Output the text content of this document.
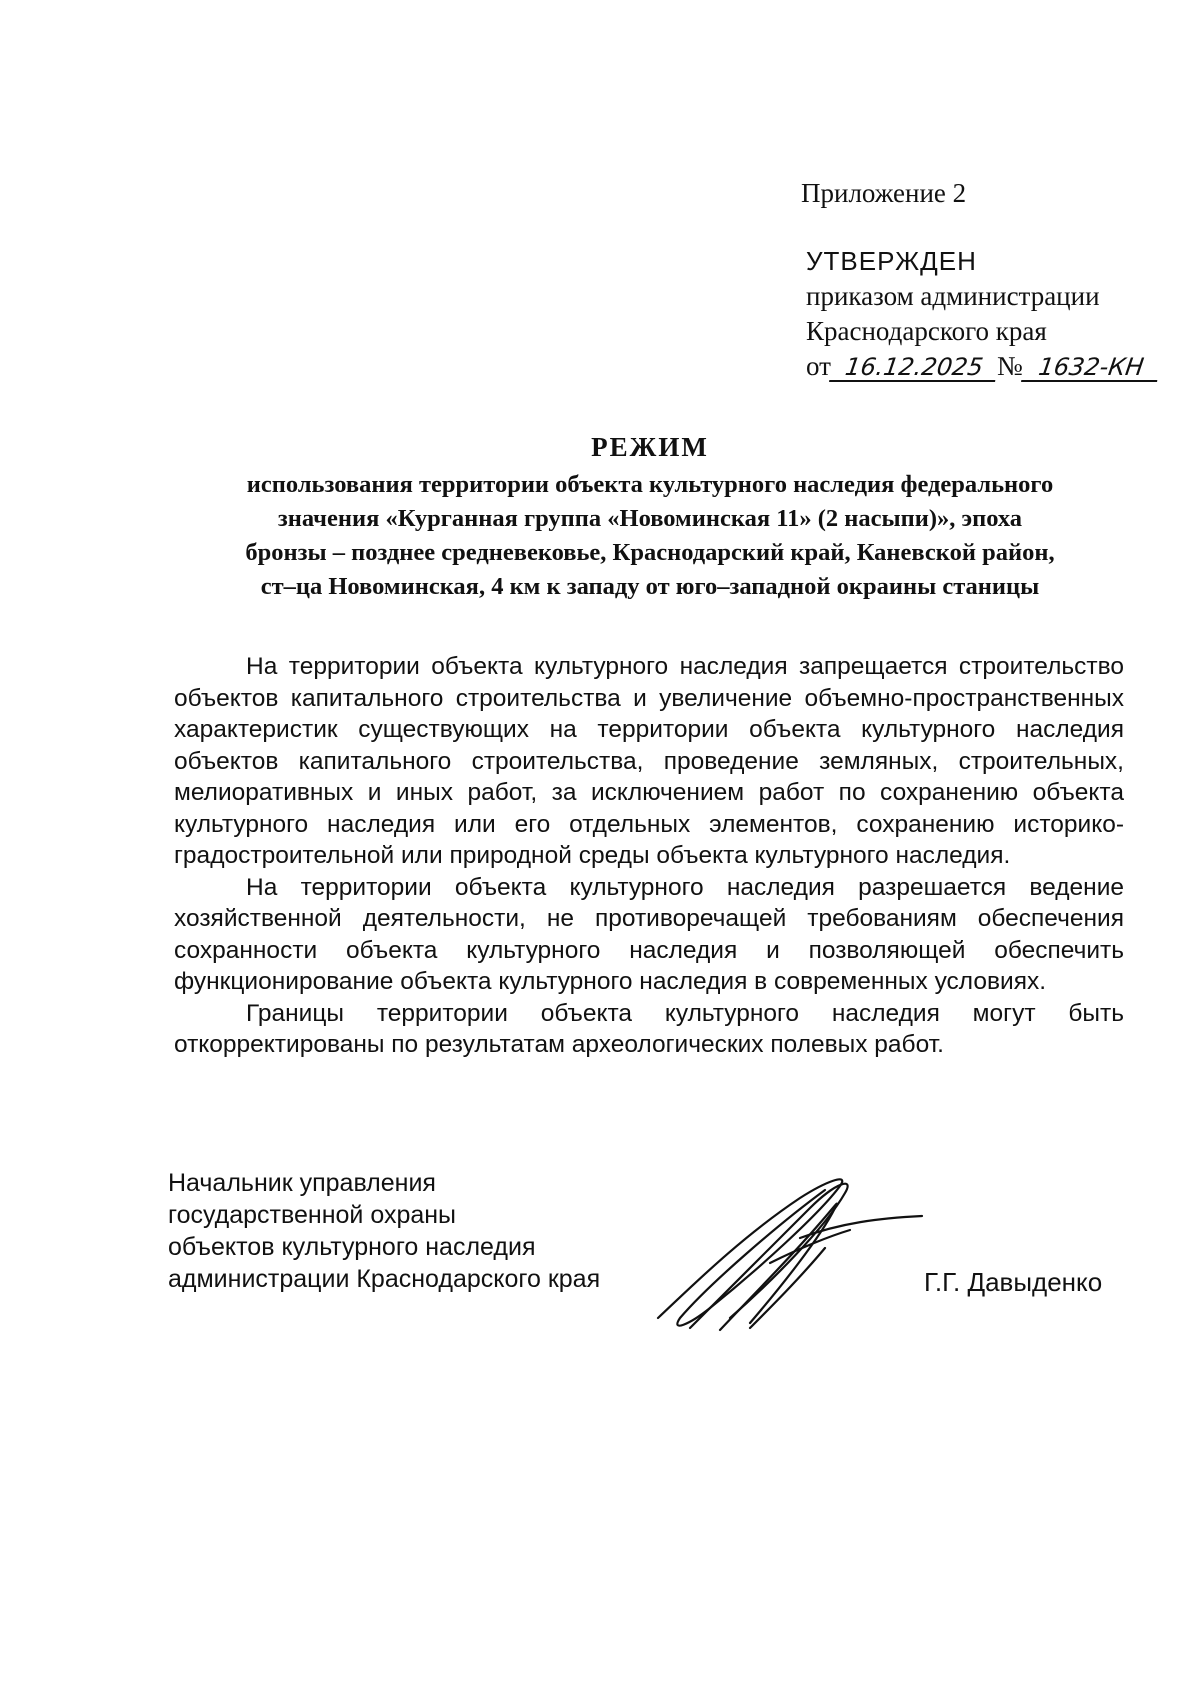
Приложение 2
УТВЕРЖДЕН
приказом администрации
Краснодарского края
от 16.12.2025 № 1632-КН
РЕЖИМ
использования территории объекта культурного наследия федерального
значения «Курганная группа «Новоминская 11» (2 насыпи)», эпоха
бронзы – позднее средневековье, Краснодарский край, Каневской район,
ст–ца Новоминская, 4 км к западу от юго–западной окраины станицы

На территории объекта культурного наследия запрещается строительство объектов капитального строительства и увеличение объемно-пространственных характеристик существующих на территории объекта культурного наследия объектов капитального строительства, проведение земляных, строительных, мелиоративных и иных работ, за исключением работ по сохранению объекта культурного наследия или его отдельных элементов, сохранению историко-градостроительной или природной среды объекта культурного наследия.

На территории объекта культурного наследия разрешается ведение хозяйственной деятельности, не противоречащей требованиям обеспечения сохранности объекта культурного наследия и позволяющей обеспечить функционирование объекта культурного наследия в современных условиях.

Границы территории объекта культурного наследия могут быть откорректированы по результатам археологических полевых работ.

Начальник управления
государственной охраны
объектов культурного наследия
администрации Краснодарского края	Г.Г. Давыденко
